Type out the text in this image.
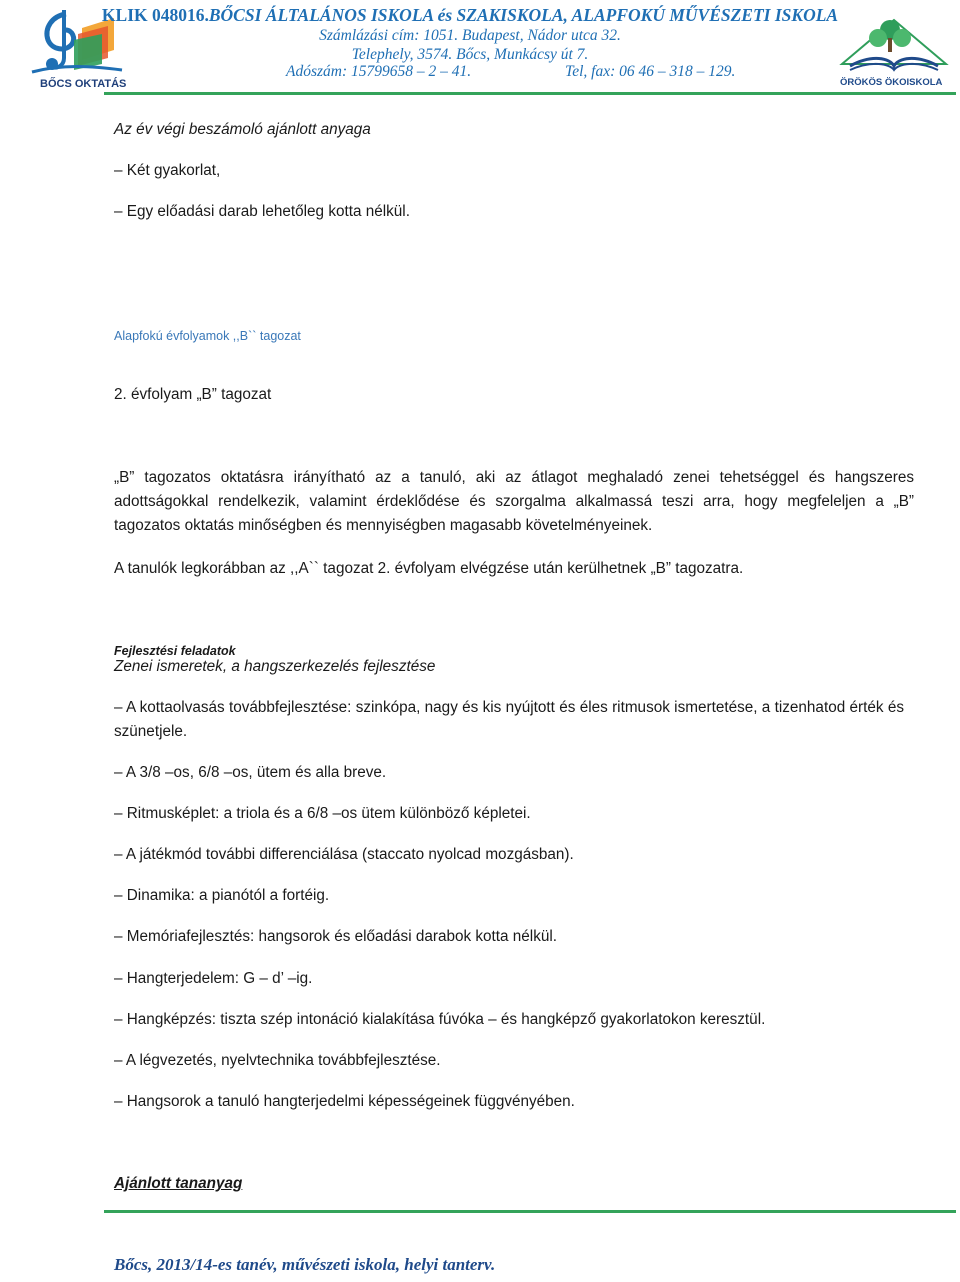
BŐCS OKTATÁS
KLIK 048016.BŐCSI ÁLTALÁNOS ISKOLA és SZAKISKOLA, ALAPFOKÚ MŰVÉSZETI ISKOLA
Számlázási cím: 1051. Budapest, Nádor utca 32.
Telephely, 3574. Bőcs, Munkácsy út 7.
Adószám: 15799658 – 2 – 41.	Tel, fax: 06 46 – 318 – 129.
ÖRÖKÖS ÖKOISKOLA
Az év végi beszámoló ajánlott anyaga
– Két gyakorlat,
– Egy előadási darab lehetőleg kotta nélkül.
Alapfokú évfolyamok ,,B`` tagozat
2. évfolyam „B” tagozat
„B” tagozatos oktatásra irányítható az a tanuló, aki az átlagot meghaladó zenei tehetséggel és hangszeres adottságokkal rendelkezik, valamint érdeklődése és szorgalma alkalmassá teszi arra, hogy megfeleljen a „B” tagozatos oktatás minőségben és mennyiségben magasabb követelményeinek.
A tanulók legkorábban az ,,A`` tagozat 2. évfolyam elvégzése után kerülhetnek „B” tagozatra.
Fejlesztési feladatok
Zenei ismeretek, a hangszerkezelés fejlesztése
– A kottaolvasás továbbfejlesztése: szinkópa, nagy és kis nyújtott és éles ritmusok ismertetése, a tizenhatod érték és szünetjele.
– A 3/8 –os, 6/8 –os, ütem és alla breve.
– Ritmusképlet: a triola és a 6/8 –os ütem különböző képletei.
– A játékmód további differenciálása (staccato nyolcad mozgásban).
– Dinamika: a pianótól a fortéig.
– Memóriafejlesztés: hangsorok és előadási darabok kotta nélkül.
– Hangterjedelem: G – d’ –ig.
– Hangképzés: tiszta szép intonáció kialakítása fúvóka – és hangképző gyakorlatokon keresztül.
– A légvezetés, nyelvtechnika továbbfejlesztése.
– Hangsorok a tanuló hangterjedelmi képességeinek függvényében.
Ajánlott tananyag
Bőcs, 2013/14-es tanév, művészeti iskola, helyi tanterv.
